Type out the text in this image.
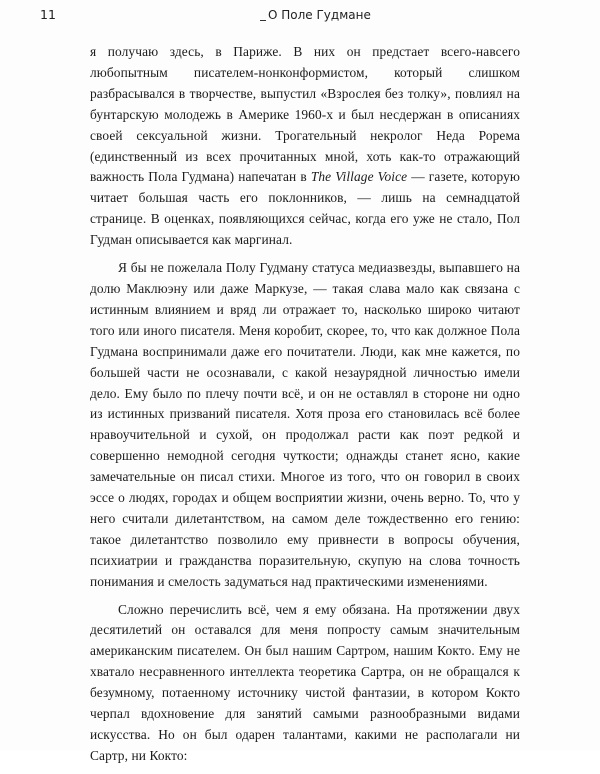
11	О Поле Гудмане

я получаю здесь, в Париже. В них он предстает всего-навсего любопытным писателем-нонконформистом, который слишком разбрасывался в творчестве, выпустил «Взрослея без толку», повлиял на бунтарскую молодежь в Америке 1960-х и был несдержан в описаниях своей сексуальной жизни. Трогательный некролог Неда Рорема (единственный из всех прочитанных мной, хоть как-то отражающий важность Пола Гудмана) напечатан в The Village Voice — газете, которую читает большая часть его поклонников, — лишь на семнадцатой странице. В оценках, появляющихся сейчас, когда его уже не стало, Пол Гудман описывается как маргинал.

Я бы не пожелала Полу Гудману статуса медиазвезды, выпавшего на долю Маклюэну или даже Маркузе, — такая слава мало как связана с истинным влиянием и вряд ли отражает то, насколько широко читают того или иного писателя. Меня коробит, скорее, то, что как должное Пола Гудмана воспринимали даже его почитатели. Люди, как мне кажется, по большей части не осознавали, с какой незаурядной личностью имели дело. Ему было по плечу почти всё, и он не оставлял в стороне ни одно из истинных призваний писателя. Хотя проза его становилась всё более нравоучительной и сухой, он продолжал расти как поэт редкой и совершенно немодной сегодня чуткости; однажды станет ясно, какие замечательные он писал стихи. Многое из того, что он говорил в своих эссе о людях, городах и общем восприятии жизни, очень верно. То, что у него считали дилетантством, на самом деле тождественно его гению: такое дилетантство позволило ему привнести в вопросы обучения, психиатрии и гражданства поразительную, скупую на слова точность понимания и смелость задуматься над практическими изменениями.

Сложно перечислить всё, чем я ему обязана. На протяжении двух десятилетий он оставался для меня попросту самым значительным американским писателем. Он был нашим Сартром, нашим Кокто. Ему не хватало несравненного интеллекта теоретика Сартра, он не обращался к безумному, потаенному источнику чистой фантазии, в котором Кокто черпал вдохновение для занятий самыми разнообразными видами искусства. Но он был одарен талантами, какими не располагали ни Сартр, ни Кокто:
